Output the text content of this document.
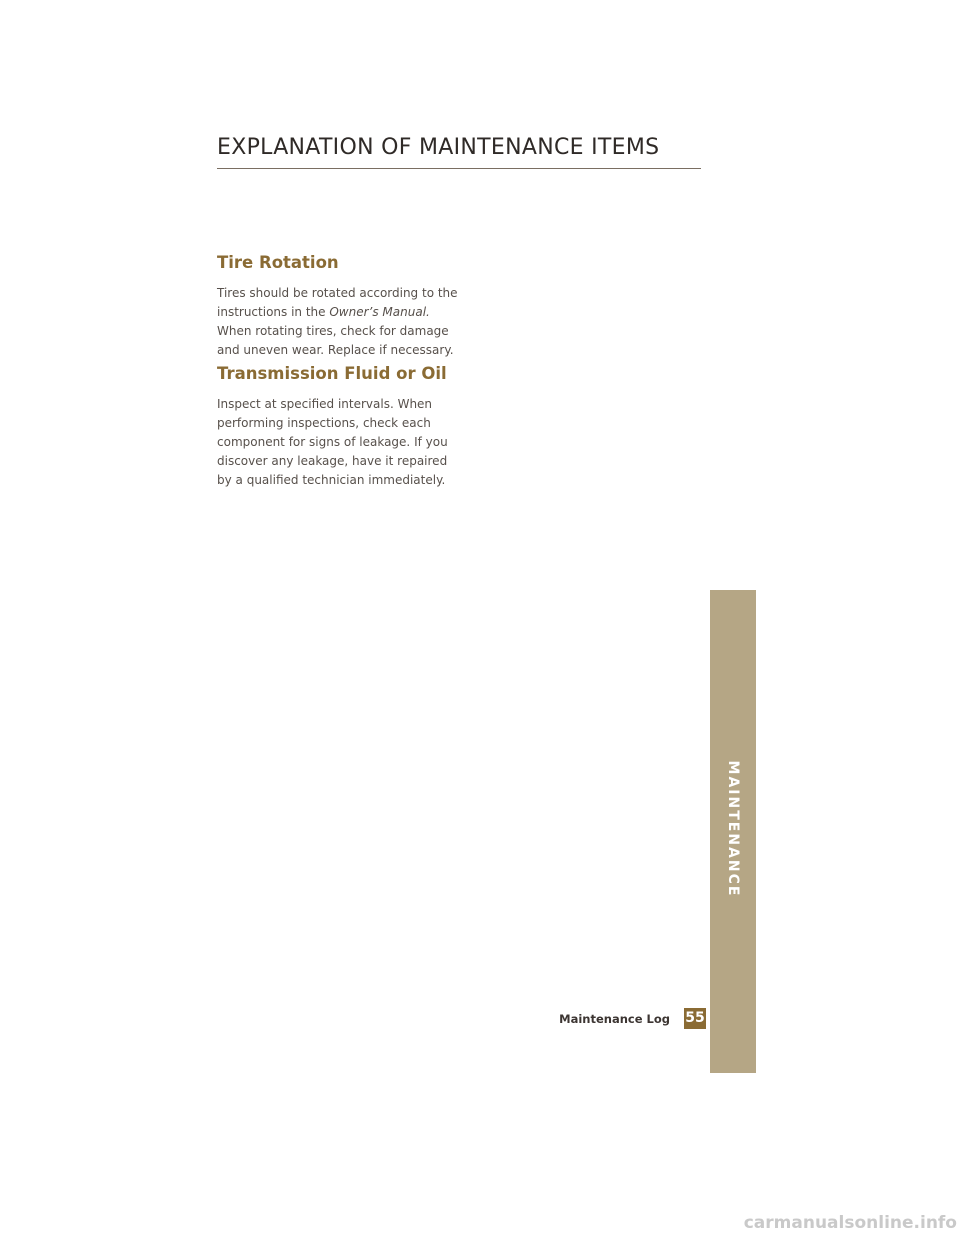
EXPLANATION OF MAINTENANCE ITEMS
Tire Rotation

Tires should be rotated according to the
instructions in the Owner’s Manual.
When rotating tires, check for damage
and uneven wear. Replace if necessary.

Transmission Fluid or Oil

Inspect at specified intervals. When
performing inspections, check each
component for signs of leakage. If you
discover any leakage, have it repaired
by a qualified technician immediately.

MAINTENANCE
Maintenance Log 55
carmanualsonline.info
